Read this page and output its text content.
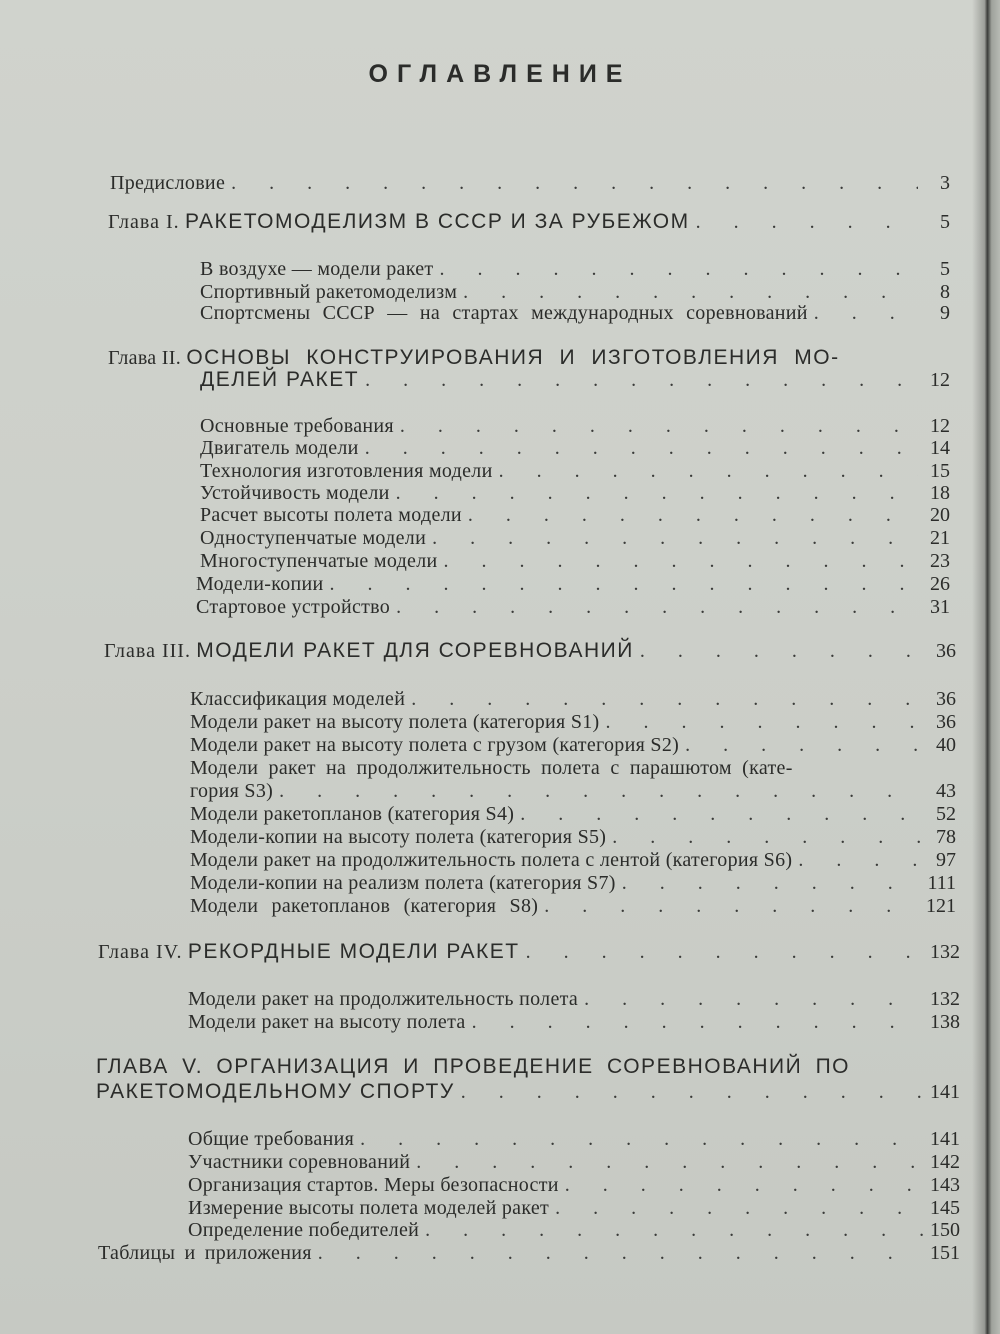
ОГЛАВЛЕНИЕ
Предисловие . . .	3
Глава I. РАКЕТОМОДЕЛИЗМ В СССР И ЗА РУБЕЖОМ . . .	5
В воздухе — модели ракет . . .	5
Спортивный ракетомоделизм . . .	8
Спортсмены СССР — на стартах международных соревнований . . .	9
Глава II. ОСНОВЫ КОНСТРУИРОВАНИЯ И ИЗГОТОВЛЕНИЯ МО-
ДЕЛЕЙ РАКЕТ . . .	12
Основные требования . . .	12
Двигатель модели . . .	14
Технология изготовления модели . . .	15
Устойчивость модели . . .	18
Расчет высоты полета модели . . .	20
Одноступенчатые модели . . .	21
Многоступенчатые модели . . .	23
Модели-копии . . .	26
Стартовое устройство . . .	31
Глава III. МОДЕЛИ РАКЕТ ДЛЯ СОРЕВНОВАНИЙ . . .	36
Классификация моделей . . .	36
Модели ракет на высоту полета (категория S1) . . .	36
Модели ракет на высоту полета с грузом (категория S2) . . .	40
Модели ракет на продолжительность полета с парашютом (кате-
гория S3) . . .	43
Модели ракетопланов (категория S4) . . .	52
Модели-копии на высоту полета (категория S5) . . .	78
Модели ракет на продолжительность полета с лентой (категория S6) . . .	97
Модели-копии на реализм полета (категория S7) . . .	111
Модели ракетопланов (категория S8) . . .	121
Глава IV. РЕКОРДНЫЕ МОДЕЛИ РАКЕТ . . .	132
Модели ракет на продолжительность полета . . .	132
Модели ракет на высоту полета . . .	138
ГЛАВА V. ОРГАНИЗАЦИЯ И ПРОВЕДЕНИЕ СОРЕВНОВАНИЙ ПО
РАКЕТОМОДЕЛЬНОМУ СПОРТУ . . .	141
Общие требования . . .	141
Участники соревнований . . .	142
Организация стартов. Меры безопасности . . .	143
Измерение высоты полета моделей ракет . . .	145
Определение победителей . . .	150
Таблицы и приложения . . .	151
